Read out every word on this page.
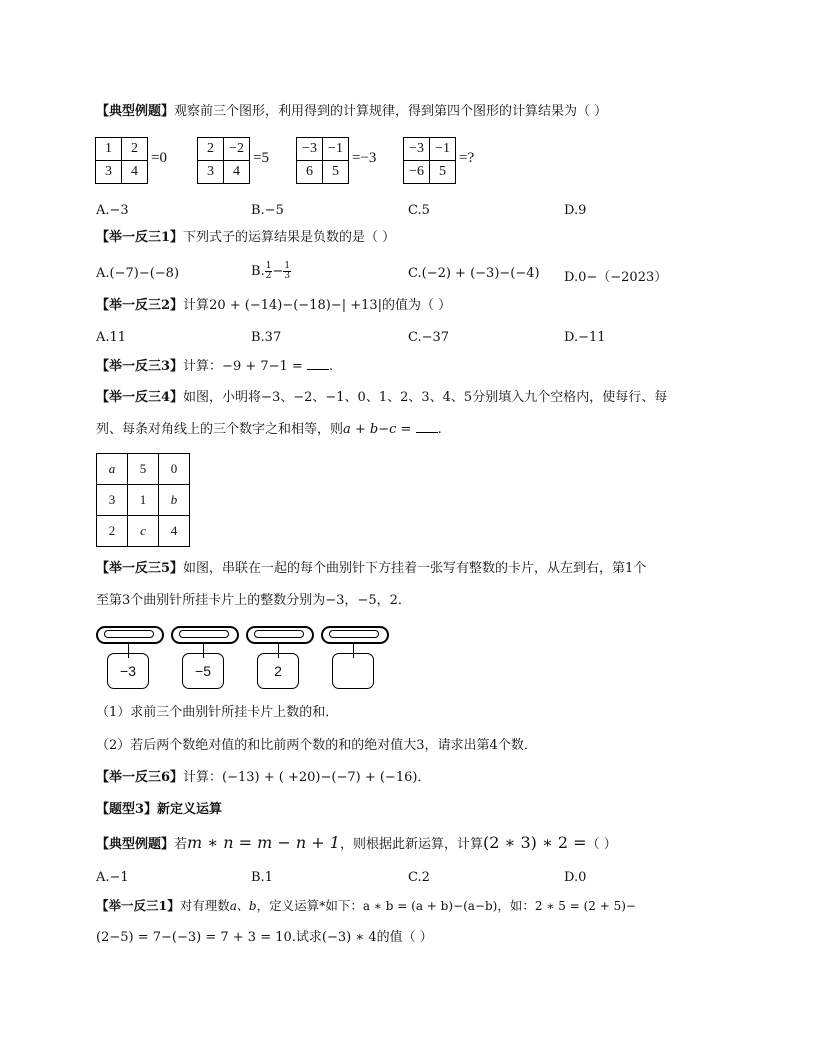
【典型例题】观察前三个图形，利用得到的计算规律，得到第四个图形的计算结果为（ ）
1	2
3	4
=0
2	−2
3	4
=5
−3	−1
6	5
=−3
−3	−1
−6	5
=?
A.−3	B.−5	C.5	D.9
【举一反三1】下列式子的运算结果是负数的是（ ）
A.(−7)−(−8)	B. $\frac{1}{2} - \frac{1}{3}$	C.(−2) + (−3)−(−4) D.0−（−2023）
【举一反三2】计算20 + (−14)−(−18)−| +13|的值为（ ）
A.11	B.37	C.−37	D.−11
【举一反三3】计算：−9 + 7−1 = .
【举一反三4】如图，小明将−3、−2、−1、0、1、2、3、4、5分别填入九个空格内，使每行、每
列、每条对角线上的三个数字之和相等，则a + b−c = .
a	5	0
3	1	b
2	c	4
【举一反三5】如图，串联在一起的每个曲别针下方挂着一张写有整数的卡片，从左到右，第1个
至第3个曲别针所挂卡片上的整数分别为−3，−5，2．
−3	−5	2
（1）求前三个曲别针所挂卡片上数的和．
（2）若后两个数绝对值的和比前两个数的和的绝对值大3，请求出第4个数．
【举一反三6】计算：(−13) + ( +20)−(−7) + (−16)．
【题型3】新定义运算
【典型例题】若m ∗ n = m − n + 1，则根据此新运算，计算(2 ∗ 3) ∗ 2 =（ ）
A.−1	B.1	C.2	D.0
【举一反三1】对有理数a、b，定义运算*如下：a ∗ b = (a + b)−(a−b)，如：2 ∗ 5 = (2 + 5)−
(2−5) = 7−(−3) = 7 + 3 = 10.试求(−3) ∗ 4的值（ ）
